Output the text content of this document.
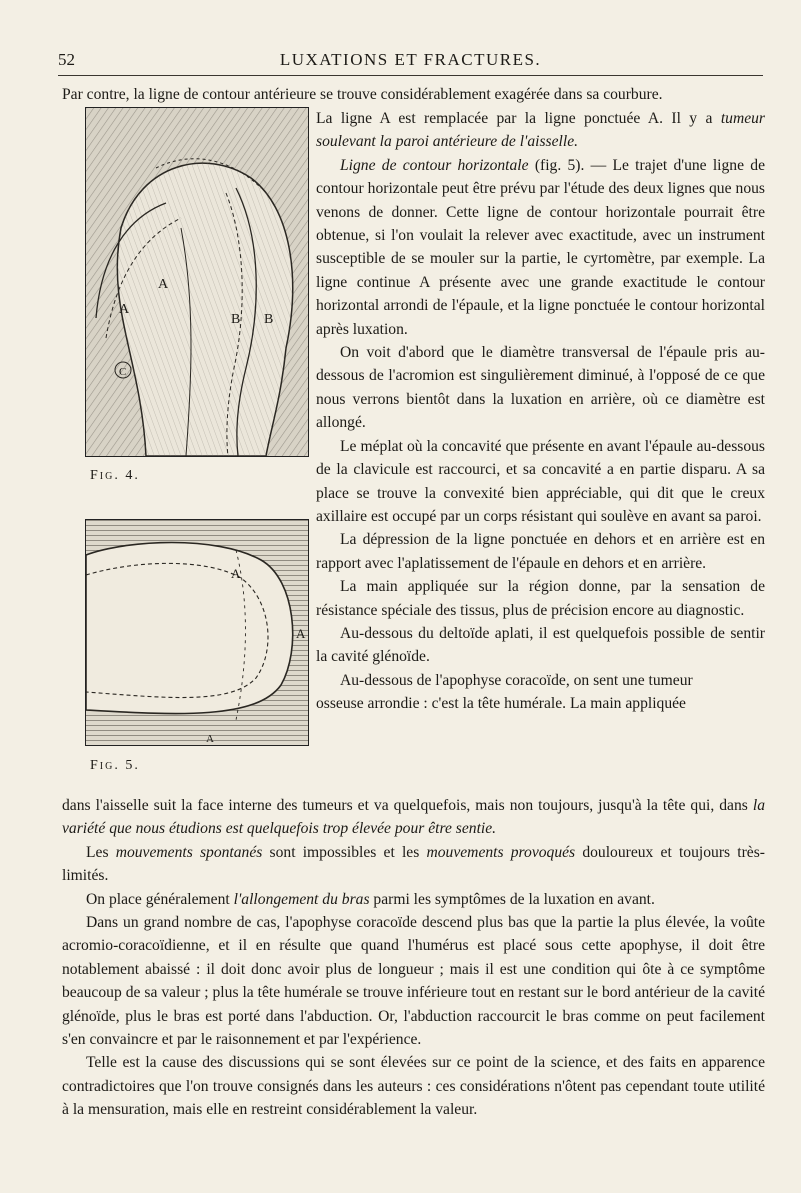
52	LUXATIONS ET FRACTURES.

Par contre, la ligne de contour antérieure se trouve considérablement exagérée dans sa courbure.

A
A
B B
C
Fig. 4.
A
A
A
Fig. 5.

La ligne A est remplacée par la ligne ponctuée A. Il y a tumeur soulevant la paroi antérieure de l'aisselle.

Ligne de contour horizontale (fig. 5). — Le trajet d'une ligne de contour horizontale peut être prévu par l'étude des deux lignes que nous venons de donner. Cette ligne de contour horizontale pourrait être obtenue, si l'on voulait la relever avec exactitude, avec un instrument susceptible de se mouler sur la partie, le cyrtomètre, par exemple. La ligne continue A présente avec une grande exactitude le contour horizontal arrondi de l'épaule, et la ligne ponctuée le contour horizontal après luxation.

On voit d'abord que le diamètre transversal de l'épaule pris au-dessous de l'acromion est singulièrement diminué, à l'opposé de ce que nous verrons bientôt dans la luxation en arrière, où ce diamètre est allongé.

Le méplat où la concavité que présente en avant l'épaule au-dessous de la clavicule est raccourci, et sa concavité a en partie disparu. A sa place se trouve la convexité bien appréciable, qui dit que le creux axillaire est occupé par un corps résistant qui soulève en avant sa paroi.

La dépression de la ligne ponctuée en dehors et en arrière est en rapport avec l'aplatissement de l'épaule en dehors et en arrière.

La main appliquée sur la région donne, par la sensation de résistance spéciale des tissus, plus de précision encore au diagnostic.

Au-dessous du deltoïde aplati, il est quelquefois possible de sentir la cavité glénoïde.

Au-dessous de l'apophyse coracoïde, on sent une tumeur

osseuse arrondie : c'est la tête humérale. La main appliquée

dans l'aisselle suit la face interne des tumeurs et va quelquefois, mais non toujours, jusqu'à la tête qui, dans la variété que nous étudions est quelquefois trop élevée pour être sentie.

Les mouvements spontanés sont impossibles et les mouvements provoqués douloureux et toujours très-limités.

On place généralement l'allongement du bras parmi les symptômes de la luxation en avant.

Dans un grand nombre de cas, l'apophyse coracoïde descend plus bas que la partie la plus élevée, la voûte acromio-coracoïdienne, et il en résulte que quand l'humérus est placé sous cette apophyse, il doit être notablement abaissé : il doit donc avoir plus de longueur ; mais il est une condition qui ôte à ce symptôme beaucoup de sa valeur ; plus la tête humérale se trouve inférieure tout en restant sur le bord antérieur de la cavité glénoïde, plus le bras est porté dans l'abduction. Or, l'abduction raccourcit le bras comme on peut facilement s'en convaincre et par le raisonnement et par l'expérience.

Telle est la cause des discussions qui se sont élevées sur ce point de la science, et des faits en apparence contradictoires que l'on trouve consignés dans les auteurs : ces considérations n'ôtent pas cependant toute utilité à la mensuration, mais elle en restreint considérablement la valeur.
